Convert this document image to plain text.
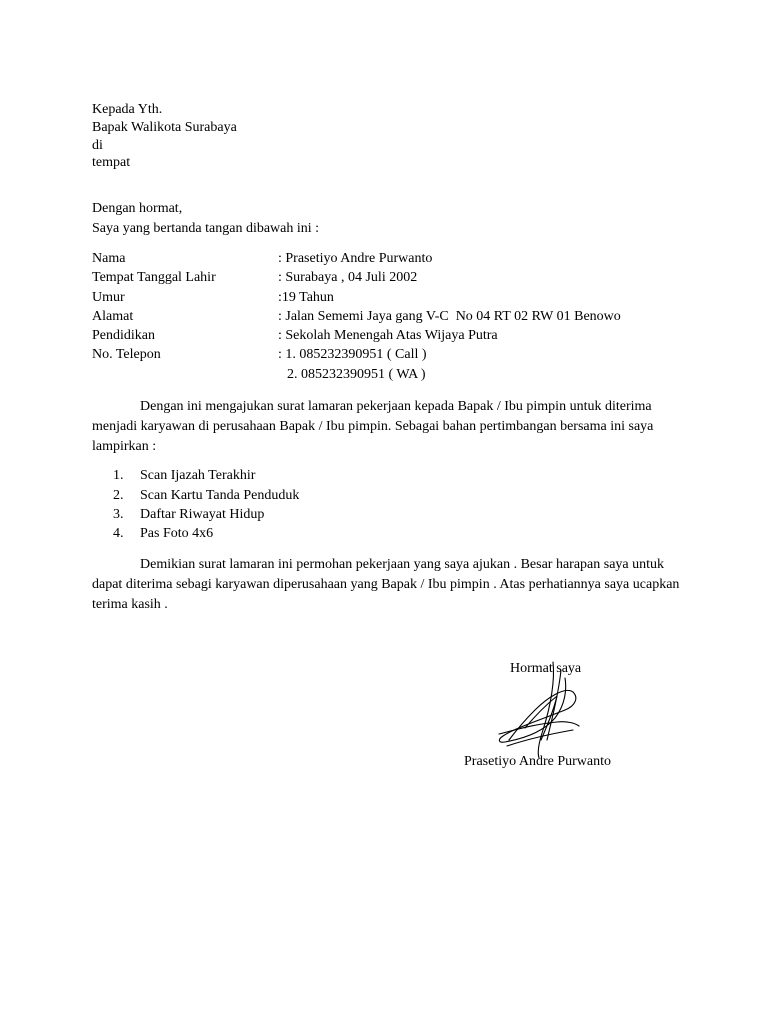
Kepada Yth.
Bapak Walikota Surabaya
di
tempat
Dengan hormat,
Saya yang bertanda tangan dibawah ini :
Nama	: Prasetiyo Andre Purwanto
Tempat Tanggal Lahir	: Surabaya , 04 Juli 2002
Umur	:19 Tahun
Alamat	: Jalan Sememi Jaya gang V-C  No 04 RT 02 RW 01 Benowo
Pendidikan	: Sekolah Menengah Atas Wijaya Putra
No. Telepon	: 1. 085232390951 ( Call )
2. 085232390951 ( WA )
Dengan ini mengajukan surat lamaran pekerjaan kepada Bapak / Ibu pimpin untuk diterima menjadi karyawan di perusahaan Bapak / Ibu pimpin. Sebagai bahan pertimbangan bersama ini saya lampirkan :
1. Scan Ijazah Terakhir
2. Scan Kartu Tanda Penduduk
3. Daftar Riwayat Hidup
4. Pas Foto 4x6
Demikian surat lamaran ini permohan pekerjaan yang saya ajukan . Besar harapan saya untuk dapat diterima sebagi karyawan diperusahaan yang Bapak / Ibu pimpin . Atas perhatiannya saya ucapkan terima kasih .
Hormat saya
Prasetiyo Andre Purwanto
